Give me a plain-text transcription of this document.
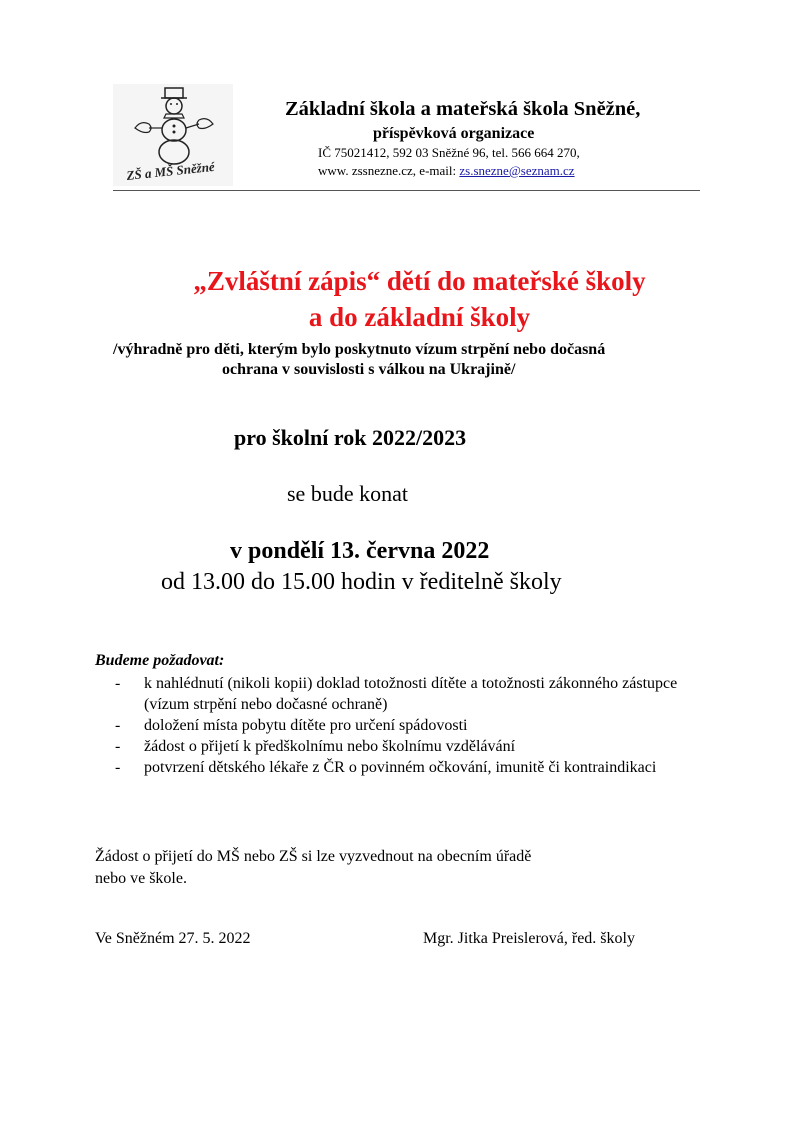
ZŠ a MŠ Sněžné
Základní škola a mateřská škola Sněžné,
příspěvková organizace
IČ 75021412, 592 03 Sněžné 96, tel. 566 664 270,
www. zssnezne.cz, e-mail: zs.snezne@seznam.cz
„Zvláštní zápis“ dětí do mateřské školy
a do základní školy
/výhradně pro děti, kterým bylo poskytnuto vízum strpění nebo dočasná
ochrana v souvislosti s válkou na Ukrajině/
pro školní rok 2022/2023
se bude konat
v pondělí 13. června 2022
od 13.00 do 15.00 hodin v ředitelně školy
Budeme požadovat:
-	k nahlédnutí (nikoli kopii) doklad totožnosti dítěte a totožnosti zákonného zástupce (vízum strpění nebo dočasné ochraně)
-	doložení místa pobytu dítěte pro určení spádovosti
-	žádost o přijetí k předškolnímu nebo školnímu vzdělávání
-	potvrzení dětského lékaře z ČR o povinném očkování, imunitě či kontraindikaci
Žádost o přijetí do MŠ nebo ZŠ si lze vyzvednout na obecním úřadě
nebo ve škole.
Ve Sněžném 27. 5. 2022	Mgr. Jitka Preislerová, řed. školy
